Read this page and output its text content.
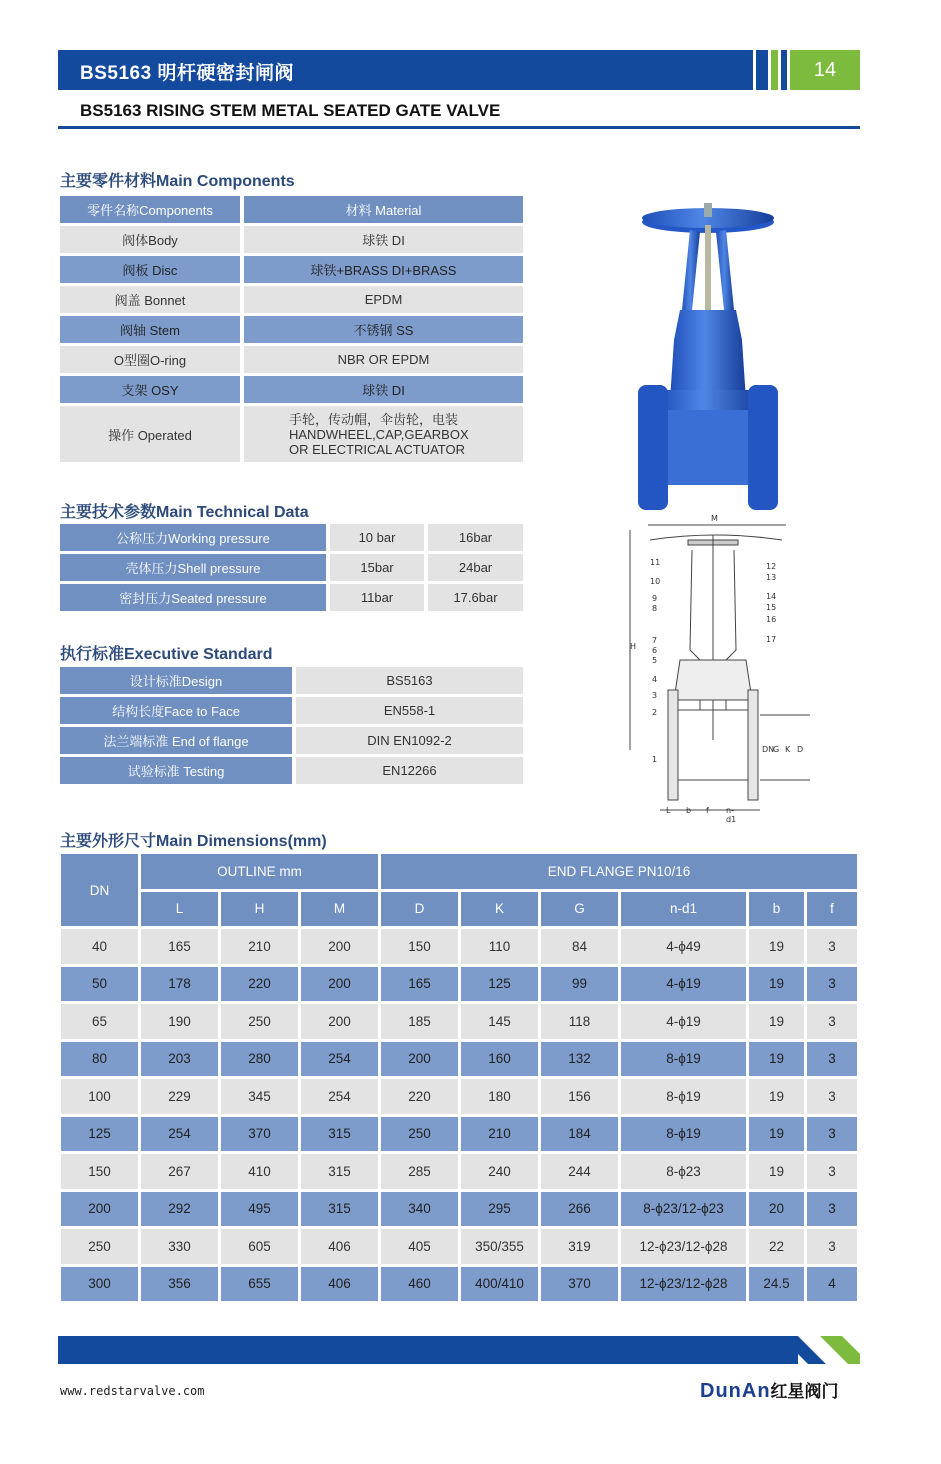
BS5163 明杆硬密封闸阀	14
BS5163 RISING STEM METAL SEATED GATE VALVE
主要零件材料Main Components
零件名称Components	材料 Material
阀体Body	球铁 DI
阀板 Disc	球铁+BRASS DI+BRASS
阀盖 Bonnet	EPDM
阀轴 Stem	不锈钢 SS
O型圈O-ring	NBR OR EPDM
支架 OSY	球铁 DI
操作 Operated	手轮，传动帽，伞齿轮，电装
HANDWHEEL,CAP,GEARBOX
OR ELECTRICAL ACTUATOR
主要技术参数Main Technical Data
公称压力Working pressure	10 bar	16bar
壳体压力Shell pressure	15bar	24bar
密封压力Seated pressure	11bar	17.6bar
执行标准Executive Standard
设计标准Design	BS5163
结构长度Face to Face	EN558-1
法兰端标准 End of flange	DIN EN1092-2
试验标准 Testing	EN12266
M
11
10
9
8
7
6
5
4
3
2
1
12
13
14
15
16
17
H
DN
G K D
L b	n-d1
f
主要外形尺寸Main Dimensions(mm)
DN	OUTLINE mm			END FLANGE PN10/16					
	L	H	M	D	K	G	n-d1	b	f
40	165	210	200	150	110	84	4-ϕ49	19	3
50	178	220	200	165	125	99	4-ϕ19	19	3
65	190	250	200	185	145	118	4-ϕ19	19	3
80	203	280	254	200	160	132	8-ϕ19	19	3
100	229	345	254	220	180	156	8-ϕ19	19	3
125	254	370	315	250	210	184	8-ϕ19	19	3
150	267	410	315	285	240	244	8-ϕ23	19	3
200	292	495	315	340	295	266	8-ϕ23/12-ϕ23	20	3
250	330	605	406	405	350/355	319	12-ϕ23/12-ϕ28	22	3
300	356	655	406	460	400/410	370	12-ϕ23/12-ϕ28	24.5	4
www.redstarvalve.com	DunAn红星阀门
